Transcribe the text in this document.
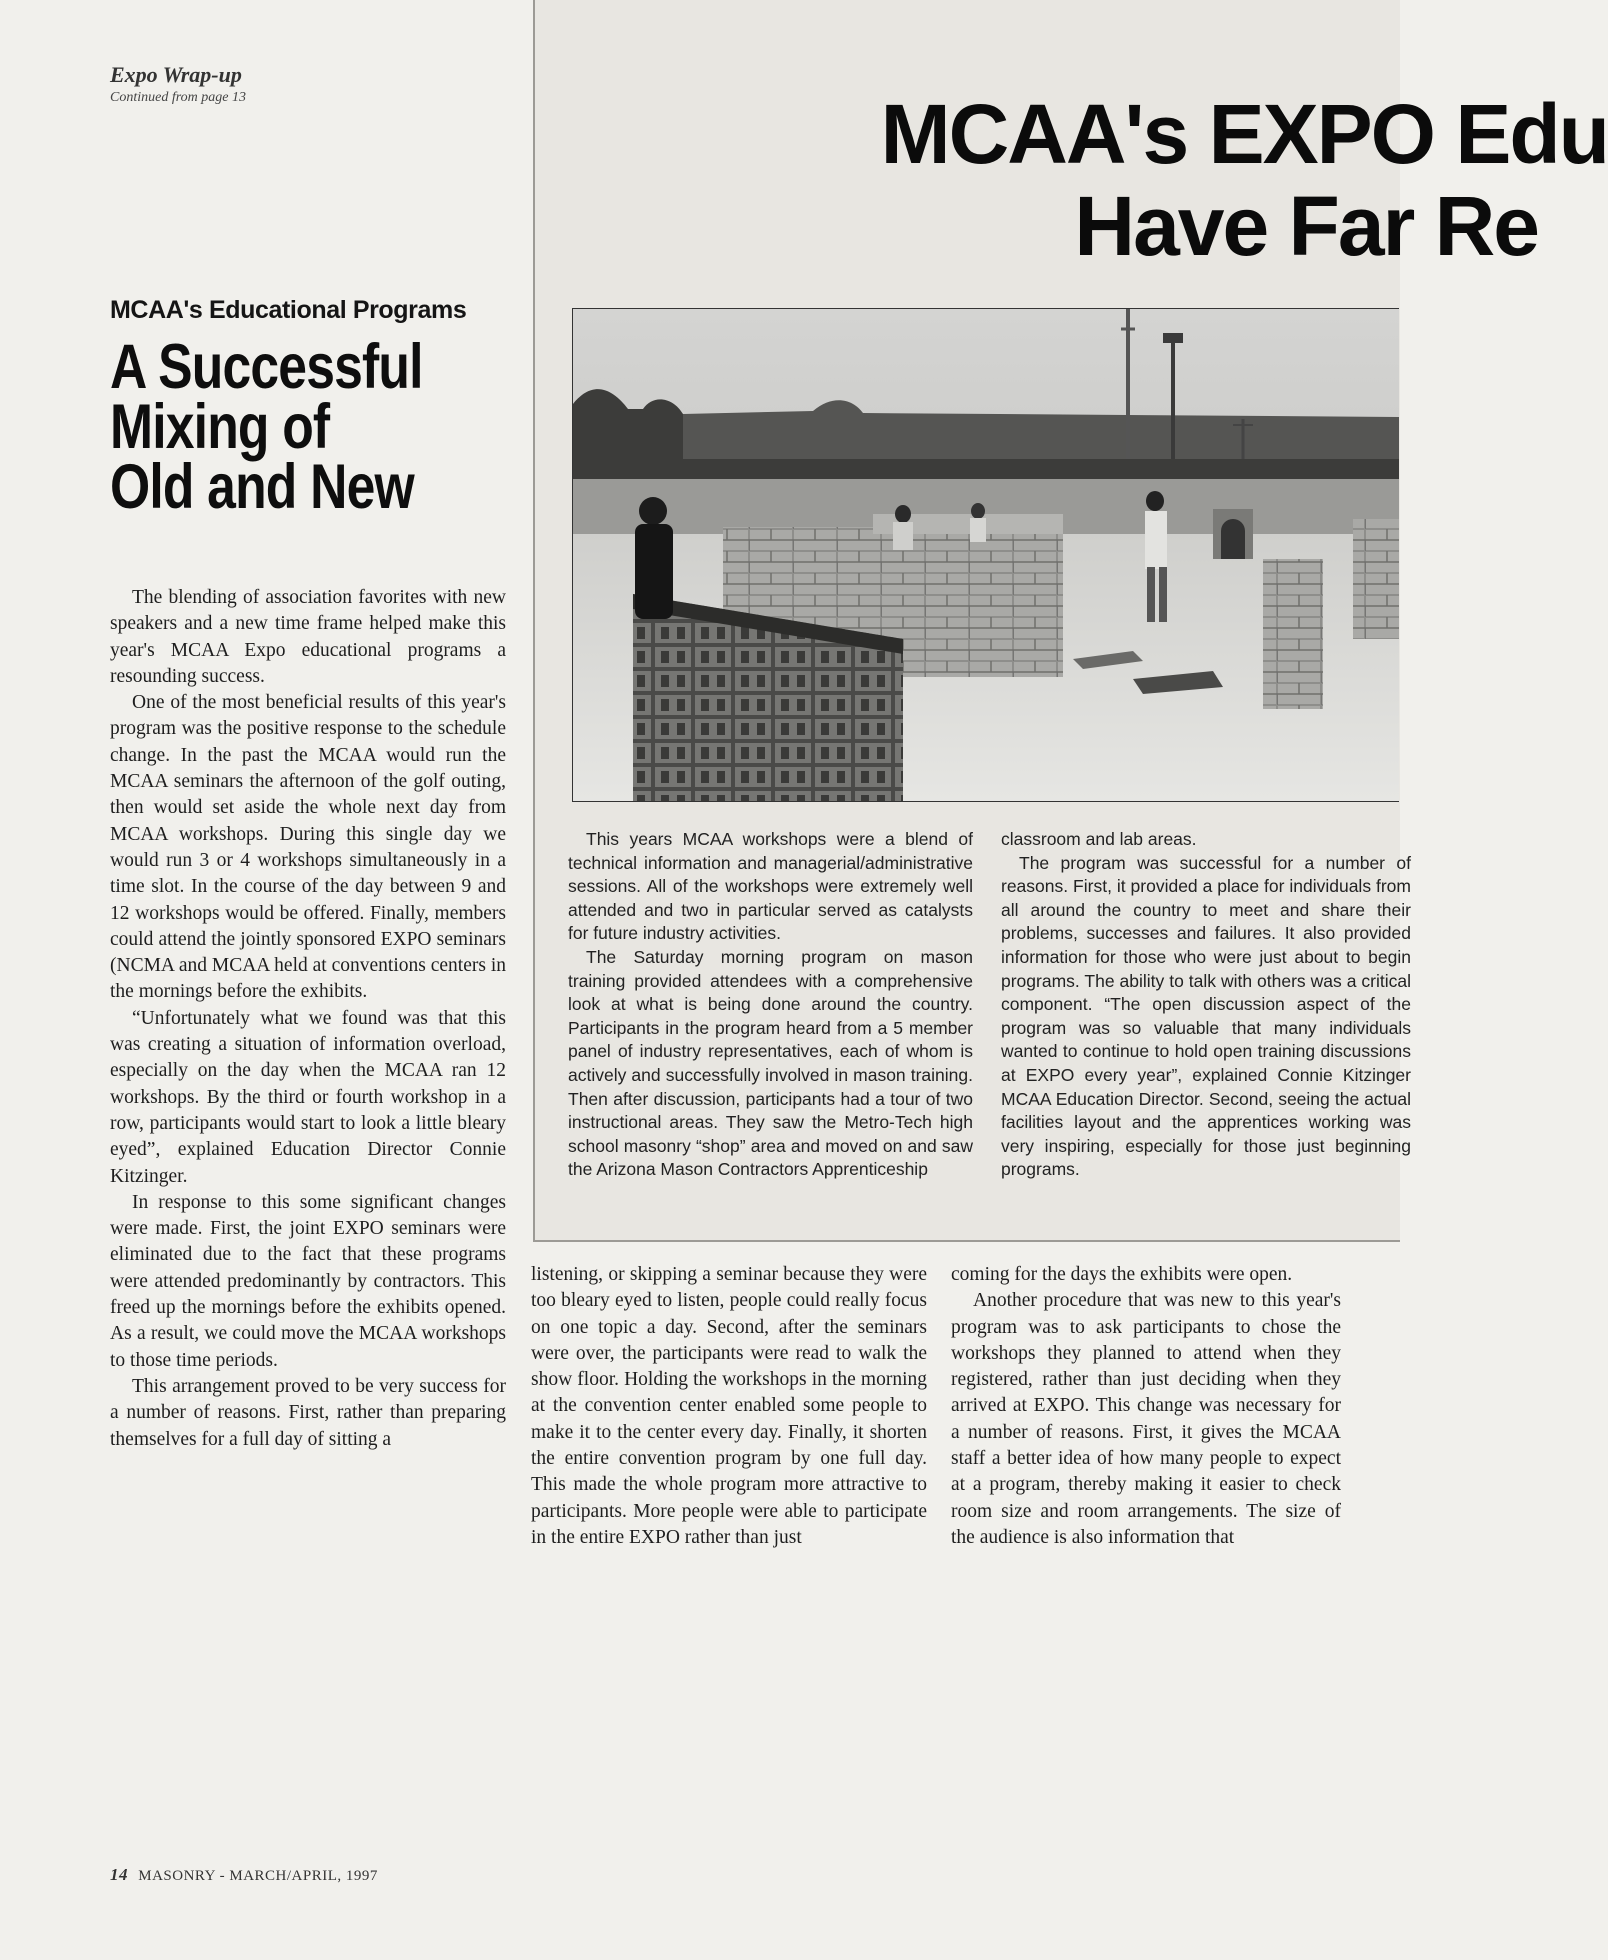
Expo Wrap-up
Continued from page 13
MCAA's Educational Programs
A Successful
Mixing of
Old and New

The blending of association favorites with new speakers and a new time frame helped make this year's MCAA Expo educational programs a resounding success.

One of the most beneficial results of this year's program was the positive response to the schedule change. In the past the MCAA would run the MCAA seminars the afternoon of the golf outing, then would set aside the whole next day from MCAA workshops. During this single day we would run 3 or 4 workshops simultaneously in a time slot. In the course of the day between 9 and 12 workshops would be offered. Finally, members could attend the jointly sponsored EXPO seminars (NCMA and MCAA held at conventions centers in the mornings before the exhibits.

“Unfortunately what we found was that this was creating a situation of information overload, especially on the day when the MCAA ran 12 workshops. By the third or fourth workshop in a row, participants would start to look a little bleary eyed”, explained Education Director Connie Kitzinger.

In response to this some significant changes were made. First, the joint EXPO seminars were eliminated due to the fact that these programs were attended predominantly by contractors. This freed up the mornings before the exhibits opened. As a result, we could move the MCAA workshops to those time periods.

This arrangement proved to be very success for a number of reasons. First, rather than preparing themselves for a full day of sitting a

MCAA's EXPO Edu
Have Far Re

This years MCAA workshops were a blend of technical information and managerial/administrative sessions. All of the workshops were extremely well attended and two in particular served as catalysts for future industry activities.

The Saturday morning program on mason training provided attendees with a comprehensive look at what is being done around the country. Participants in the program heard from a 5 member panel of industry representatives, each of whom is actively and successfully involved in mason training. Then after discussion, participants had a tour of two instructional areas. They saw the Metro-Tech high school masonry “shop” area and moved on and saw the Arizona Mason Contractors Apprenticeship

classroom and lab areas.

The program was successful for a number of reasons. First, it provided a place for individuals from all around the country to meet and share their problems, successes and failures. It also provided information for those who were just about to begin programs. The ability to talk with others was a critical component. “The open discussion aspect of the program was so valuable that many individuals wanted to continue to hold open training discussions at EXPO every year”, explained Connie Kitzinger MCAA Education Director. Second, seeing the actual facilities layout and the apprentices working was very inspiring, especially for those just beginning programs.

listening, or skipping a seminar because they were too bleary eyed to listen, people could really focus on one topic a day. Second, after the seminars were over, the participants were read to walk the show floor. Holding the workshops in the morning at the convention center enabled some people to make it to the center every day. Finally, it shorten the entire convention program by one full day. This made the whole program more attractive to participants. More people were able to participate in the entire EXPO rather than just

coming for the days the exhibits were open.

Another procedure that was new to this year's program was to ask participants to chose the workshops they planned to attend when they registered, rather than just deciding when they arrived at EXPO. This change was necessary for a number of reasons. First, it gives the MCAA staff a better idea of how many people to expect at a program, thereby making it easier to check room size and room arrangements. The size of the audience is also information that

14 MASONRY - MARCH/APRIL, 1997
